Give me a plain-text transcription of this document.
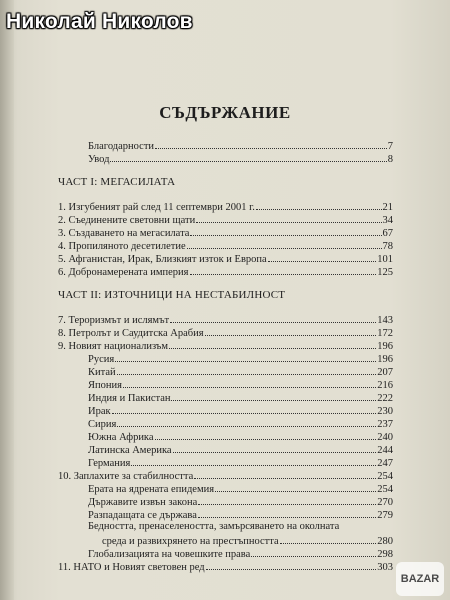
Николай Николов
СЪДЪРЖАНИЕ
Благодарности	7
Увод	8
ЧАСТ I: МЕГАСИЛАТА
1. Изгубеният рай след 11 септември 2001 г.	21
2. Съединените световни щати	34
3. Създаването на мегасилата	67
4. Пропиляното десетилетие	78
5. Афганистан, Ирак, Близкият изток и Европа	101
6. Добронамерената империя	125
ЧАСТ II: ИЗТОЧНИЦИ НА НЕСТАБИЛНОСТ
7. Тероризмът и ислямът	143
8. Петролът и Саудитска Арабия	172
9. Новият национализъм	196
Русия	196
Китай	207
Япония	216
Индия и Пакистан	222
Ирак	230
Сирия	237
Южна Африка	240
Латинска Америка	244
Германия	247
10. Заплахите за стабилността	254
Ерата на ядрената епидемия	254
Държавите извън закона	270
Разпадащата се държава	279
Бедността, пренаселеността, замърсяването на околната
среда и развихрянето на престъпността	280
Глобализацията на човешките права	298
11. НАТО и Новият световен ред	303
BAZAR
